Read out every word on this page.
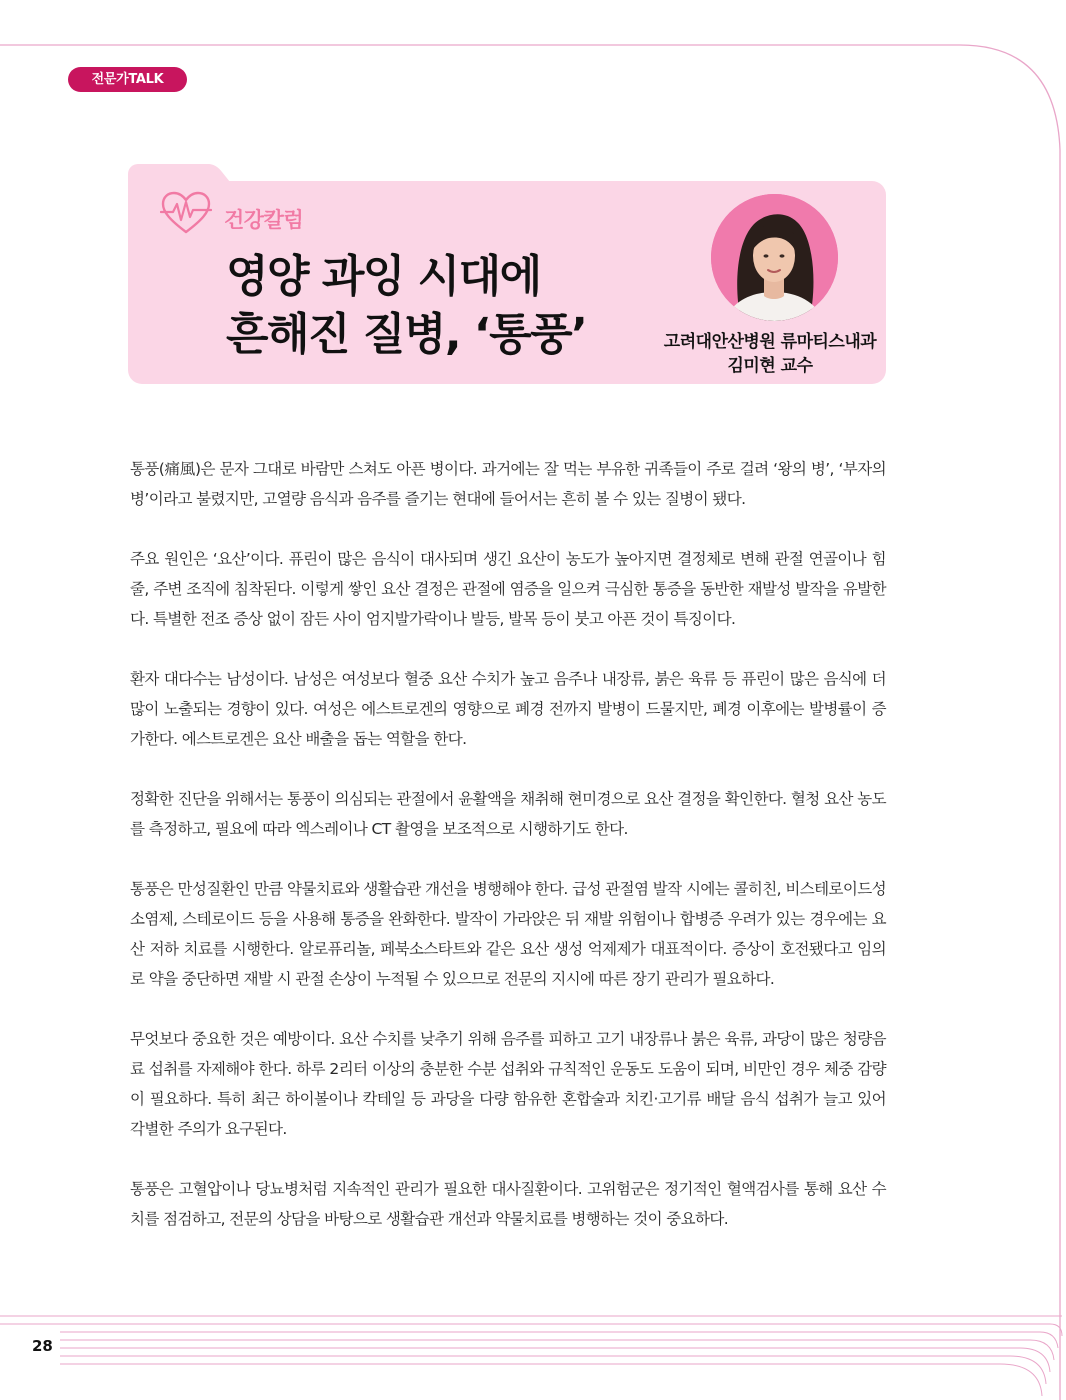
전문가TALK
건강칼럼
영양 과잉 시대에
흔해진 질병, ‘통풍’	고려대안산병원 류마티스내과
김미현 교수

통풍(痛風)은 문자 그대로 바람만 스쳐도 아픈 병이다. 과거에는 잘 먹는 부유한 귀족들이 주로 걸려 ‘왕의 병’, ‘부자의 병’이라고 불렸지만, 고열량 음식과 음주를 즐기는 현대에 들어서는 흔히 볼 수 있는 질병이 됐다.

주요 원인은 ‘요산’이다. 퓨린이 많은 음식이 대사되며 생긴 요산이 농도가 높아지면 결정체로 변해 관절 연골이나 힘줄, 주변 조직에 침착된다. 이렇게 쌓인 요산 결정은 관절에 염증을 일으켜 극심한 통증을 동반한 재발성 발작을 유발한다. 특별한 전조 증상 없이 잠든 사이 엄지발가락이나 발등, 발목 등이 붓고 아픈 것이 특징이다.

환자 대다수는 남성이다. 남성은 여성보다 혈중 요산 수치가 높고 음주나 내장류, 붉은 육류 등 퓨린이 많은 음식에 더 많이 노출되는 경향이 있다. 여성은 에스트로겐의 영향으로 폐경 전까지 발병이 드물지만, 폐경 이후에는 발병률이 증가한다. 에스트로겐은 요산 배출을 돕는 역할을 한다.

정확한 진단을 위해서는 통풍이 의심되는 관절에서 윤활액을 채취해 현미경으로 요산 결정을 확인한다. 혈청 요산 농도를 측정하고, 필요에 따라 엑스레이나 CT 촬영을 보조적으로 시행하기도 한다.

통풍은 만성질환인 만큼 약물치료와 생활습관 개선을 병행해야 한다. 급성 관절염 발작 시에는 콜히친, 비스테로이드성 소염제, 스테로이드 등을 사용해 통증을 완화한다. 발작이 가라앉은 뒤 재발 위험이나 합병증 우려가 있는 경우에는 요산 저하 치료를 시행한다. 알로퓨리놀, 페북소스타트와 같은 요산 생성 억제제가 대표적이다. 증상이 호전됐다고 임의로 약을 중단하면 재발 시 관절 손상이 누적될 수 있으므로 전문의 지시에 따른 장기 관리가 필요하다.

무엇보다 중요한 것은 예방이다. 요산 수치를 낮추기 위해 음주를 피하고 고기 내장류나 붉은 육류, 과당이 많은 청량음료 섭취를 자제해야 한다. 하루 2리터 이상의 충분한 수분 섭취와 규칙적인 운동도 도움이 되며, 비만인 경우 체중 감량이 필요하다. 특히 최근 하이볼이나 칵테일 등 과당을 다량 함유한 혼합술과 치킨·고기류 배달 음식 섭취가 늘고 있어 각별한 주의가 요구된다.

통풍은 고혈압이나 당뇨병처럼 지속적인 관리가 필요한 대사질환이다. 고위험군은 정기적인 혈액검사를 통해 요산 수치를 점검하고, 전문의 상담을 바탕으로 생활습관 개선과 약물치료를 병행하는 것이 중요하다.

28
